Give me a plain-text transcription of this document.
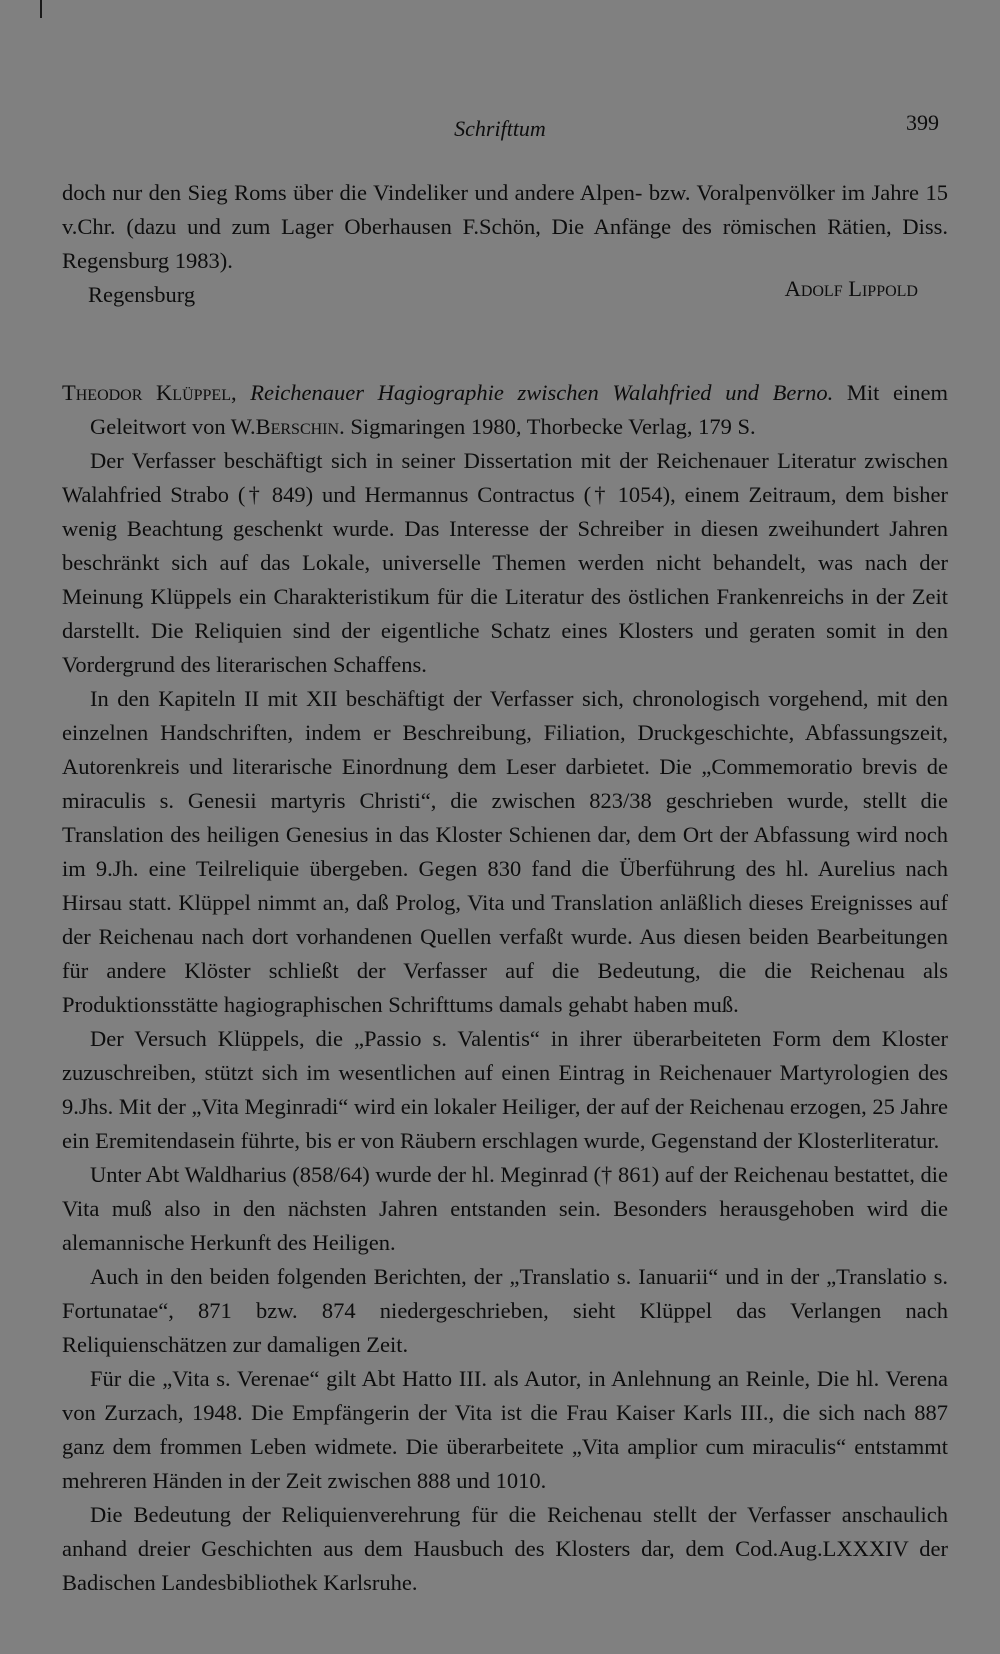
Schrifttum	399

doch nur den Sieg Roms über die Vindeliker und andere Alpen- bzw. Voralpenvölker im Jahre 15 v.Chr. (dazu und zum Lager Oberhausen F.Schön, Die Anfänge des römischen Rätien, Diss. Regensburg 1983).

Regensburg	Adolf Lippold

Theodor Klüppel, Reichenauer Hagiographie zwischen Walahfried und Berno. Mit einem Geleitwort von W.Berschin. Sigmaringen 1980, Thorbecke Verlag, 179 S.

Der Verfasser beschäftigt sich in seiner Dissertation mit der Reichenauer Literatur zwischen Walahfried Strabo († 849) und Hermannus Contractus († 1054), einem Zeitraum, dem bisher wenig Beachtung geschenkt wurde. Das Interesse der Schreiber in diesen zweihundert Jahren beschränkt sich auf das Lokale, universelle Themen werden nicht behandelt, was nach der Meinung Klüppels ein Charakteristikum für die Literatur des östlichen Frankenreichs in der Zeit darstellt. Die Reliquien sind der eigentliche Schatz eines Klosters und geraten somit in den Vordergrund des literarischen Schaffens.

In den Kapiteln II mit XII beschäftigt der Verfasser sich, chronologisch vorgehend, mit den einzelnen Handschriften, indem er Beschreibung, Filiation, Druckgeschichte, Abfassungszeit, Autorenkreis und literarische Einordnung dem Leser darbietet. Die „Commemoratio brevis de miraculis s. Genesii martyris Christi“, die zwischen 823/38 geschrieben wurde, stellt die Translation des heiligen Genesius in das Kloster Schienen dar, dem Ort der Abfassung wird noch im 9.Jh. eine Teilreliquie übergeben. Gegen 830 fand die Überführung des hl. Aurelius nach Hirsau statt. Klüppel nimmt an, daß Prolog, Vita und Translation anläßlich dieses Ereignisses auf der Reichenau nach dort vorhandenen Quellen verfaßt wurde. Aus diesen beiden Bearbeitungen für andere Klöster schließt der Verfasser auf die Bedeutung, die die Reichenau als Produktionsstätte hagiographischen Schrifttums damals gehabt haben muß.

Der Versuch Klüppels, die „Passio s. Valentis“ in ihrer überarbeiteten Form dem Kloster zuzuschreiben, stützt sich im wesentlichen auf einen Eintrag in Reichenauer Martyrologien des 9.Jhs. Mit der „Vita Meginradi“ wird ein lokaler Heiliger, der auf der Reichenau erzogen, 25 Jahre ein Eremitendasein führte, bis er von Räubern erschlagen wurde, Gegenstand der Klosterliteratur.

Unter Abt Waldharius (858/64) wurde der hl. Meginrad († 861) auf der Reichenau bestattet, die Vita muß also in den nächsten Jahren entstanden sein. Besonders herausgehoben wird die alemannische Herkunft des Heiligen.

Auch in den beiden folgenden Berichten, der „Translatio s. Ianuarii“ und in der „Translatio s. Fortunatae“, 871 bzw. 874 niedergeschrieben, sieht Klüppel das Verlangen nach Reliquienschätzen zur damaligen Zeit.

Für die „Vita s. Verenae“ gilt Abt Hatto III. als Autor, in Anlehnung an Reinle, Die hl. Verena von Zurzach, 1948. Die Empfängerin der Vita ist die Frau Kaiser Karls III., die sich nach 887 ganz dem frommen Leben widmete. Die überarbeitete „Vita amplior cum miraculis“ entstammt mehreren Händen in der Zeit zwischen 888 und 1010.

Die Bedeutung der Reliquienverehrung für die Reichenau stellt der Verfasser anschaulich anhand dreier Geschichten aus dem Hausbuch des Klosters dar, dem Cod.Aug.LXXXIV der Badischen Landesbibliothek Karlsruhe.
